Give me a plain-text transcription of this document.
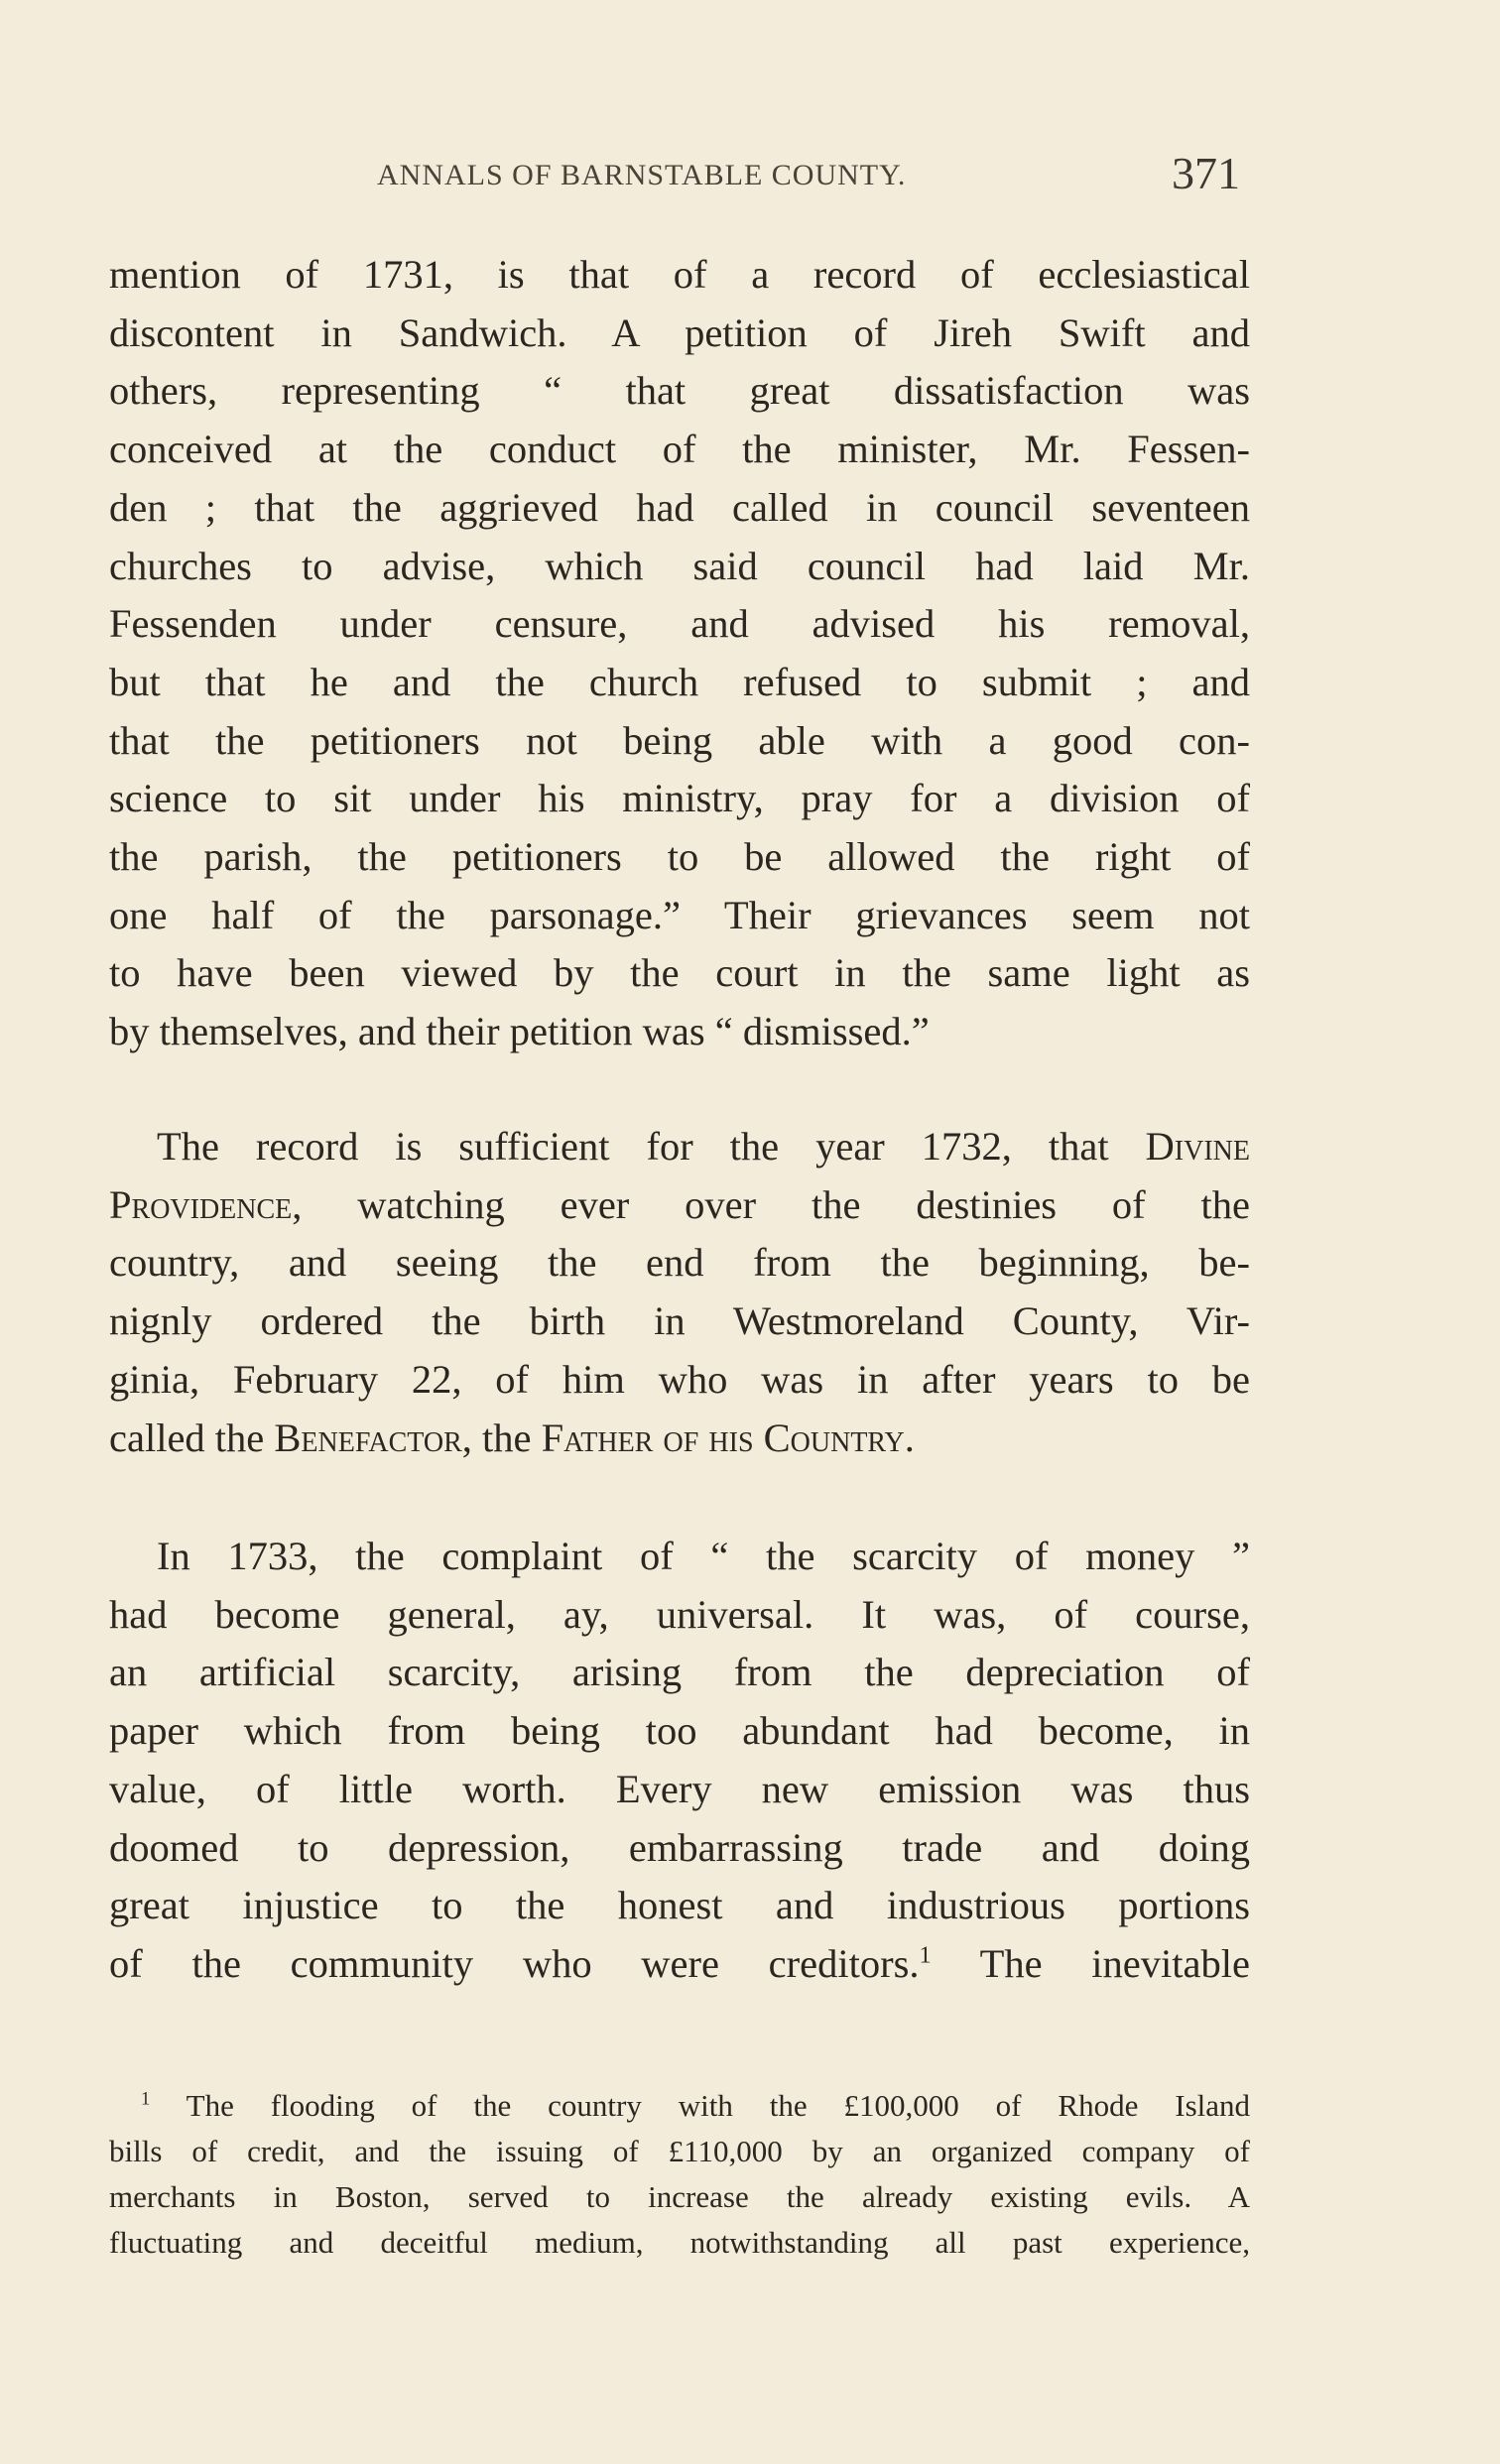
ANNALS OF BARNSTABLE COUNTY.	371
mention of 1731, is that of a record of ecclesiastical
discontent in Sandwich. A petition of Jireh Swift and
others, representing “ that great dissatisfaction was
conceived at the conduct of the minister, Mr. Fessen-
den ; that the aggrieved had called in council seventeen
churches to advise, which said council had laid Mr.
Fessenden under censure, and advised his removal,
but that he and the church refused to submit ; and
that the petitioners not being able with a good con-
science to sit under his ministry, pray for a division of
the parish, the petitioners to be allowed the right of
one half of the parsonage.” Their grievances seem not
to have been viewed by the court in the same light as
by themselves, and their petition was “ dismissed.”
The record is sufficient for the year 1732, that Divine
Providence, watching ever over the destinies of the
country, and seeing the end from the beginning, be-
nignly ordered the birth in Westmoreland County, Vir-
ginia, February 22, of him who was in after years to be
called the Benefactor, the Father of his Country.
In 1733, the complaint of “ the scarcity of money ”
had become general, ay, universal. It was, of course,
an artificial scarcity, arising from the depreciation of
paper which from being too abundant had become, in
value, of little worth. Every new emission was thus
doomed to depression, embarrassing trade and doing
great injustice to the honest and industrious portions
of the community who were creditors.$^1$ The inevitable
$^1$ The flooding of the country with the £100,000 of Rhode Island
bills of credit, and the issuing of £110,000 by an organized company of
merchants in Boston, served to increase the already existing evils. A
fluctuating and deceitful medium, notwithstanding all past experience,
